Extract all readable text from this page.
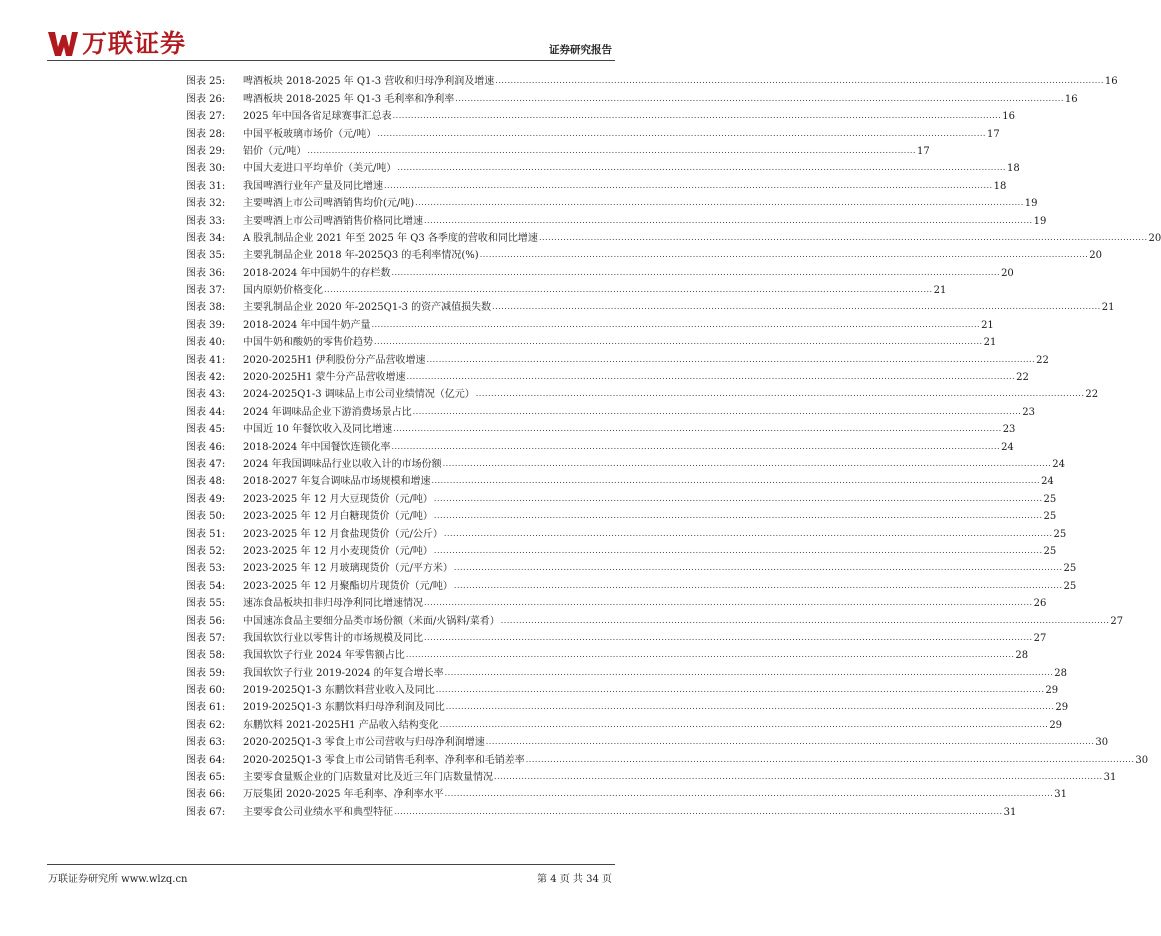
万联证券	证券研究报告
图表 25:	啤酒板块 2018-2025 年 Q1-3 营收和归母净利润及增速 ........................................................................................................................................................................................................ 16
图表 26:	啤酒板块 2018-2025 年 Q1-3 毛利率和净利率 ........................................................................................................................................................................................................ 16
图表 27:	2025 年中国各省足球赛事汇总表 ........................................................................................................................................................................................................ 16
图表 28:	中国平板玻璃市场价（元/吨） ........................................................................................................................................................................................................ 17
图表 29:	铝价（元/吨） ........................................................................................................................................................................................................ 17
图表 30:	中国大麦进口平均单价（美元/吨） ........................................................................................................................................................................................................ 18
图表 31:	我国啤酒行业年产量及同比增速 ........................................................................................................................................................................................................ 18
图表 32:	主要啤酒上市公司啤酒销售均价(元/吨) ........................................................................................................................................................................................................ 19
图表 33:	主要啤酒上市公司啤酒销售价格同比增速 ........................................................................................................................................................................................................ 19
图表 34:	A 股乳制品企业 2021 年至 2025 年 Q3 各季度的营收和同比增速 ........................................................................................................................................................................................................ 20
图表 35:	主要乳制品企业 2018 年-2025Q3 的毛利率情况(%) ........................................................................................................................................................................................................ 20
图表 36:	2018-2024 年中国奶牛的存栏数 ........................................................................................................................................................................................................ 20
图表 37:	国内原奶价格变化 ........................................................................................................................................................................................................ 21
图表 38:	主要乳制品企业 2020 年-2025Q1-3 的资产减值损失数 ........................................................................................................................................................................................................ 21
图表 39:	2018-2024 年中国牛奶产量 ........................................................................................................................................................................................................ 21
图表 40:	中国牛奶和酸奶的零售价趋势 ........................................................................................................................................................................................................ 21
图表 41:	2020-2025H1 伊利股份分产品营收增速 ........................................................................................................................................................................................................ 22
图表 42:	2020-2025H1 蒙牛分产品营收增速 ........................................................................................................................................................................................................ 22
图表 43:	2024-2025Q1-3 调味品上市公司业绩情况（亿元） ........................................................................................................................................................................................................ 22
图表 44:	2024 年调味品企业下游消费场景占比 ........................................................................................................................................................................................................ 23
图表 45:	中国近 10 年餐饮收入及同比增速 ........................................................................................................................................................................................................ 23
图表 46:	2018-2024 年中国餐饮连锁化率 ........................................................................................................................................................................................................ 24
图表 47:	2024 年我国调味品行业以收入计的市场份额 ........................................................................................................................................................................................................ 24
图表 48:	2018-2027 年复合调味品市场规模和增速 ........................................................................................................................................................................................................ 24
图表 49:	2023-2025 年 12 月大豆现货价（元/吨） ........................................................................................................................................................................................................ 25
图表 50:	2023-2025 年 12 月白糖现货价（元/吨） ........................................................................................................................................................................................................ 25
图表 51:	2023-2025 年 12 月食盐现货价（元/公斤） ........................................................................................................................................................................................................ 25
图表 52:	2023-2025 年 12 月小麦现货价（元/吨） ........................................................................................................................................................................................................ 25
图表 53:	2023-2025 年 12 月玻璃现货价（元/平方米） ........................................................................................................................................................................................................ 25
图表 54:	2023-2025 年 12 月聚酯切片现货价（元/吨） ........................................................................................................................................................................................................ 25
图表 55:	速冻食品板块扣非归母净利同比增速情况 ........................................................................................................................................................................................................ 26
图表 56:	中国速冻食品主要细分品类市场份额（米面/火锅料/菜肴） ........................................................................................................................................................................................................ 27
图表 57:	我国软饮行业以零售计的市场规模及同比 ........................................................................................................................................................................................................ 27
图表 58:	我国软饮子行业 2024 年零售额占比 ........................................................................................................................................................................................................ 28
图表 59:	我国软饮子行业 2019-2024 的年复合增长率 ........................................................................................................................................................................................................ 28
图表 60:	2019-2025Q1-3 东鹏饮料营业收入及同比 ........................................................................................................................................................................................................ 29
图表 61:	2019-2025Q1-3 东鹏饮料归母净利润及同比 ........................................................................................................................................................................................................ 29
图表 62:	东鹏饮料 2021-2025H1 产品收入结构变化 ........................................................................................................................................................................................................ 29
图表 63:	2020-2025Q1-3 零食上市公司营收与归母净利润增速 ........................................................................................................................................................................................................ 30
图表 64:	2020-2025Q1-3 零食上市公司销售毛利率、净利率和毛销差率 ........................................................................................................................................................................................................ 30
图表 65:	主要零食量贩企业的门店数量对比及近三年门店数量情况 ........................................................................................................................................................................................................ 31
图表 66:	万辰集团 2020-2025 年毛利率、净利率水平 ........................................................................................................................................................................................................ 31
图表 67:	主要零食公司业绩水平和典型特征 ........................................................................................................................................................................................................ 31
万联证券研究所 www.wlzq.cn	第 4 页 共 34 页
